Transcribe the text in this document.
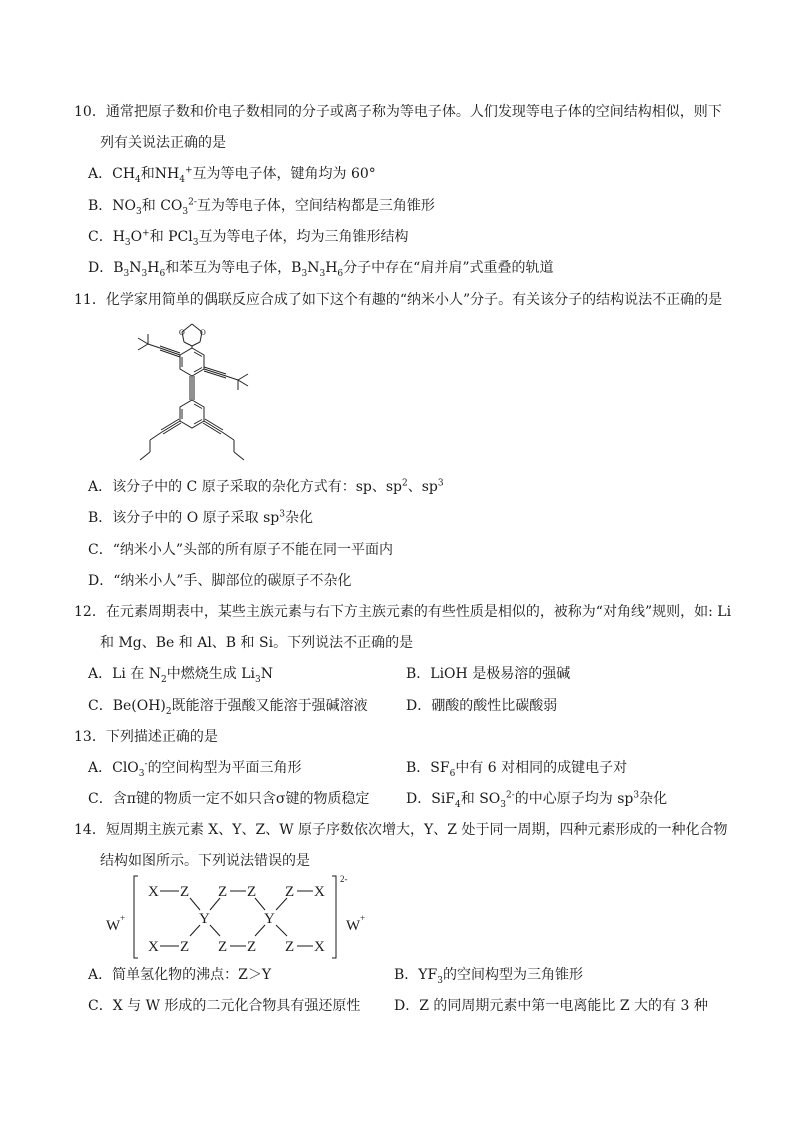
10．通常把原子数和价电子数相同的分子或离子称为等电子体。人们发现等电子体的空间结构相似，则下
列有关说法正确的是
A．$CH_4$和$NH_4^+$互为等电子体，键角均为 60°
B．$NO_3$和 $CO_3^{2-}$互为等电子体，空间结构都是三角锥形
C．$H_3O^+$和 PCl$_3$互为等电子体，均为三角锥形结构
D．$B_3N_3H_6$和苯互为等电子体，$B_3N_3H_6$分子中存在“肩并肩”式重叠的轨道
11．化学家用简单的偶联反应合成了如下这个有趣的“纳米小人”分子。有关该分子的结构说法不正确的是
O O
A．该分子中的 C 原子采取的杂化方式有：sp、$sp^2$、$sp^3$
B．该分子中的 O 原子采取 $sp^3$杂化
C．“纳米小人”头部的所有原子不能在同一平面内
D．“纳米小人”手、脚部位的碳原子不杂化
12．在元素周期表中，某些主族元素与右下方主族元素的有些性质是相似的，被称为“对角线”规则，如: Li
和 Mg、Be 和 Al、B 和 Si。下列说法不正确的是
A．Li 在 $N_2$中燃烧生成 $Li_3N$	B．LiOH 是极易溶的强碱
C．$Be(OH)_2$既能溶于强酸又能溶于强碱溶液	D．硼酸的酸性比碳酸弱
13．下列描述正确的是
A．ClO$_3$-的空间构型为平面三角形	B．$SF_6$中有 6 对相同的成键电子对
C．含π键的物质一定不如只含σ键的物质稳定	D．SiF$_4$和 $SO_3^{2-}$的中心原子均为 $sp^3$杂化
14．短周期主族元素 X、Y、Z、W 原子序数依次增大，Y、Z 处于同一周期，四种元素形成的一种化合物
结构如图所示。下列说法错误的是
W +
X Z Z Z Z X
Y	Y
X Z Z Z Z X
2-
W +
A．简单氢化物的沸点：Z＞Y	B．$YF_3$的空间构型为三角锥形
C．X 与 W 形成的二元化合物具有强还原性 D．Z 的同周期元素中第一电离能比 Z 大的有 3 种
